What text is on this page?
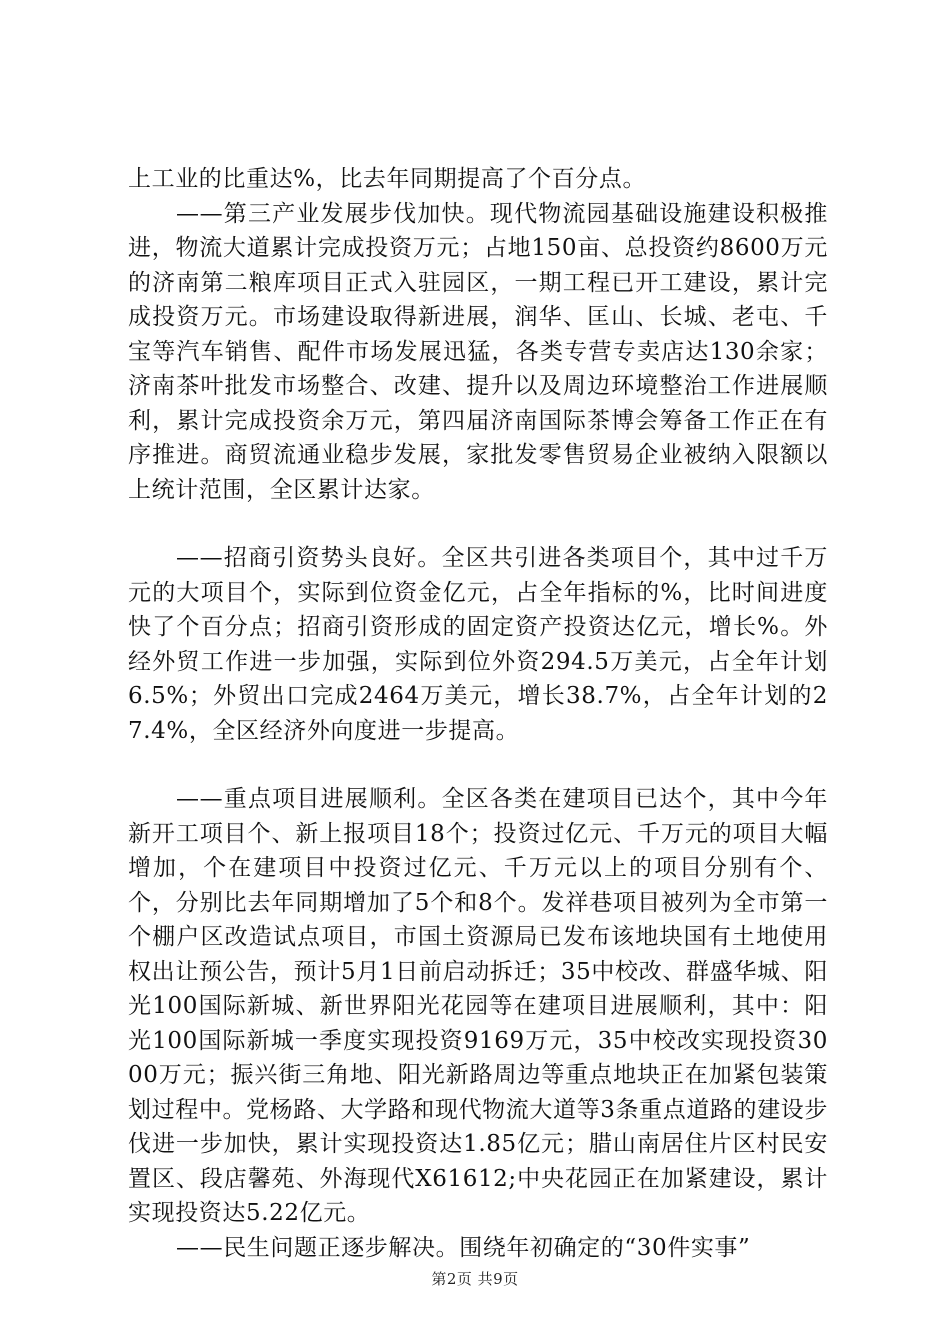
上工业的比重达%，比去年同期提高了个百分点。

——第三产业发展步伐加快。现代物流园基础设施建设积极推进，物流大道累计完成投资万元；占地150亩、总投资约8600万元的济南第二粮库项目正式入驻园区，一期工程已开工建设，累计完成投资万元。市场建设取得新进展，润华、匡山、长城、老屯、千宝等汽车销售、配件市场发展迅猛，各类专营专卖店达130余家；济南茶叶批发市场整合、改建、提升以及周边环境整治工作进展顺利，累计完成投资余万元，第四届济南国际茶博会筹备工作正在有序推进。商贸流通业稳步发展，家批发零售贸易企业被纳入限额以上统计范围，全区累计达家。

——招商引资势头良好。全区共引进各类项目个，其中过千万元的大项目个，实际到位资金亿元，占全年指标的%，比时间进度快了个百分点；招商引资形成的固定资产投资达亿元，增长%。外经外贸工作进一步加强，实际到位外资294.5万美元，占全年计划6.5%；外贸出口完成2464万美元，增长38.7%，占全年计划的27.4%，全区经济外向度进一步提高。

——重点项目进展顺利。全区各类在建项目已达个，其中今年新开工项目个、新上报项目18个；投资过亿元、千万元的项目大幅增加，个在建项目中投资过亿元、千万元以上的项目分别有个、个，分别比去年同期增加了5个和8个。发祥巷项目被列为全市第一个棚户区改造试点项目，市国土资源局已发布该地块国有土地使用权出让预公告，预计5月1日前启动拆迁；35中校改、群盛华城、阳光100国际新城、新世界阳光花园等在建项目进展顺利，其中：阳光100国际新城一季度实现投资9169万元，35中校改实现投资3000万元；振兴街三角地、阳光新路周边等重点地块正在加紧包装策划过程中。党杨路、大学路和现代物流大道等3条重点道路的建设步伐进一步加快，累计实现投资达1.85亿元；腊山南居住片区村民安置区、段店馨苑、外海现代X61612;中央花园正在加紧建设，累计实现投资达5.22亿元。

——民生问题正逐步解决。围绕年初确定的“30件实事”

第2页 共9页
